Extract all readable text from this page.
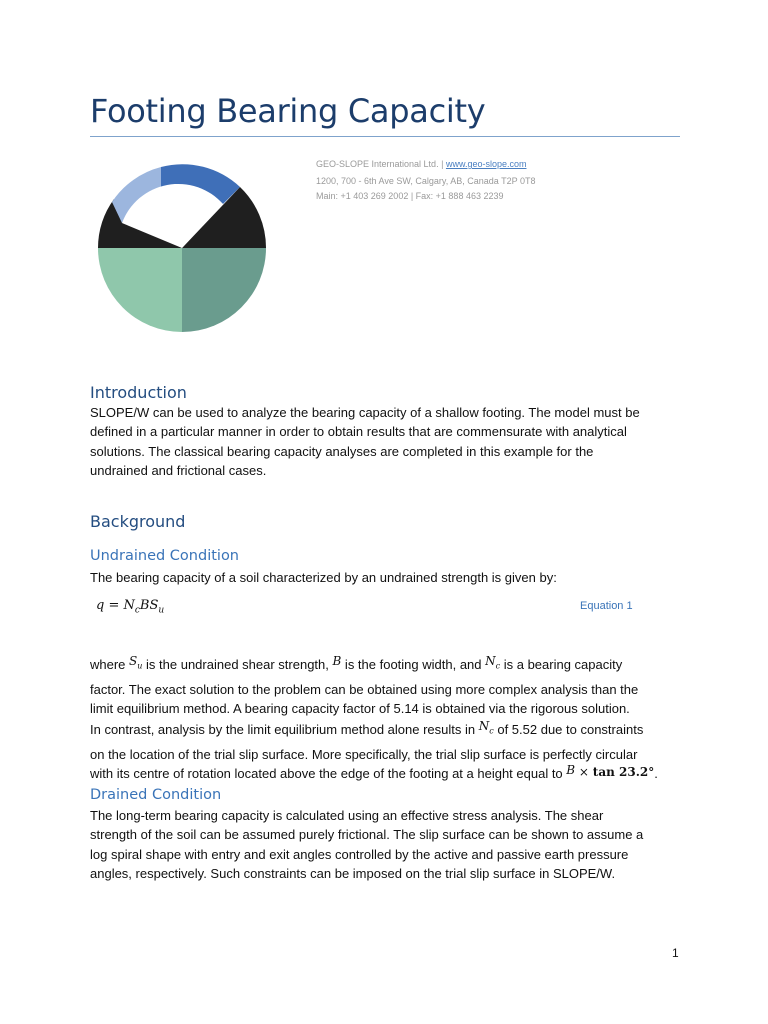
Footing Bearing Capacity
GEO-SLOPE International Ltd. | www.geo-slope.com
1200, 700 - 6th Ave SW, Calgary, AB, Canada T2P 0T8
Main: +1 403 269 2002 | Fax: +1 888 463 2239
Introduction
SLOPE/W can be used to analyze the bearing capacity of a shallow footing. The model must be
defined in a particular manner in order to obtain results that are commensurate with analytical
solutions. The classical bearing capacity analyses are completed in this example for the
undrained and frictional cases.
Background
Undrained Condition
The bearing capacity of a soil characterized by an undrained strength is given by:
$q = N_cBS_u$	Equation 1
where $S_u$ is the undrained shear strength, B is the footing width, and $N_c$ is a bearing capacity
factor. The exact solution to the problem can be obtained using more complex analysis than the
limit equilibrium method. A bearing capacity factor of 5.14 is obtained via the rigorous solution.
In contrast, analysis by the limit equilibrium method alone results in $N_c$ of 5.52 due to constraints
on the location of the trial slip surface. More specifically, the trial slip surface is perfectly circular
with its centre of rotation located above the edge of the footing at a height equal to B × tan 23.2°.
Drained Condition
The long-term bearing capacity is calculated using an effective stress analysis. The shear
strength of the soil can be assumed purely frictional. The slip surface can be shown to assume a
log spiral shape with entry and exit angles controlled by the active and passive earth pressure
angles, respectively. Such constraints can be imposed on the trial slip surface in SLOPE/W.
1
